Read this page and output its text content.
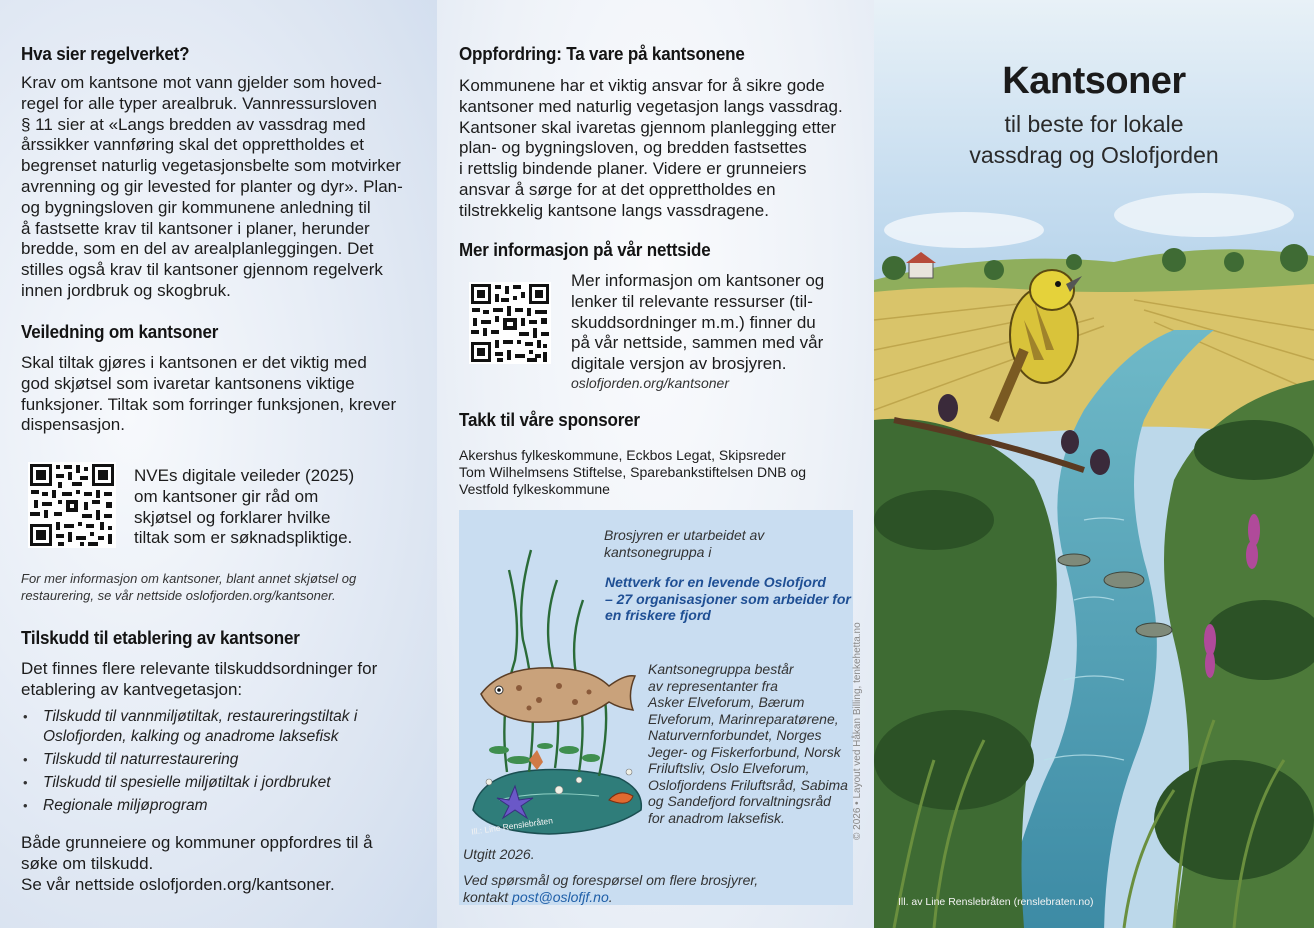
Hva sier regelverket?
Krav om kantsone mot vann gjelder som hoved-
regel for alle typer arealbruk. Vannressursloven
§ 11 sier at «Langs bredden av vassdrag med
årssikker vannføring skal det opprettholdes et
begrenset naturlig vegetasjonsbelte som motvirker
avrenning og gir levested for planter og dyr». Plan-
og bygningsloven gir kommunene anledning til
å fastsette krav til kantsoner i planer, herunder
bredde, som en del av arealplanleggingen. Det
stilles også krav til kantsoner gjennom regelverk
innen jordbruk og skogbruk.
Veiledning om kantsoner
Skal tiltak gjøres i kantsonen er det viktig med
god skjøtsel som ivaretar kantsonens viktige
funksjoner. Tiltak som forringer funksjonen, krever
dispensasjon.
NVEs digitale veileder (2025)
om kantsoner gir råd om
skjøtsel og forklarer hvilke
tiltak som er søknadspliktige.
For mer informasjon om kantsoner, blant annet skjøtsel og
restaurering, se vår nettside oslofjorden.org/kantsoner.
Tilskudd til etablering av kantsoner
Det finnes flere relevante tilskuddsordninger for
etablering av kantvegetasjon:
• Tilskudd til vannmiljøtiltak, restaureringstiltak i
Oslofjorden, kalking og anadrome laksefisk
• Tilskudd til naturrestaurering
• Tilskudd til spesielle miljøtiltak i jordbruket
• Regionale miljøprogram
Både grunneiere og kommuner oppfordres til å
søke om tilskudd.
Se vår nettside oslofjorden.org/kantsoner.
Oppfordring: Ta vare på kantsonene
Kommunene har et viktig ansvar for å sikre gode
kantsoner med naturlig vegetasjon langs vassdrag.
Kantsoner skal ivaretas gjennom planlegging etter
plan- og bygningsloven, og bredden fastsettes
i rettslig bindende planer. Videre er grunneiers
ansvar å sørge for at det opprettholdes en
tilstrekkelig kantsone langs vassdragene.
Mer informasjon på vår nettside
Mer informasjon om kantsoner og
lenker til relevante ressurser (til-
skuddsordninger m.m.) finner du
på vår nettside, sammen med vår
digitale versjon av brosjyren.
oslofjorden.org/kantsoner
Takk til våre sponsorer
Akershus fylkeskommune, Eckbos Legat, Skipsreder
Tom Wilhelmsens Stiftelse, Sparebankstiftelsen DNB og
Vestfold fylkeskommune
Ill.: Line Renslebråten
Brosjyren er utarbeidet av
kantsonegruppa i
Nettverk for en levende Oslofjord
– 27 organisasjoner som arbeider for
en friskere fjord
Kantsonegruppa består
av representanter fra
Asker Elveforum, Bærum
Elveforum, Marinreparatørene,
Naturvernforbundet, Norges
Jeger- og Fiskerforbund, Norsk
Friluftsliv, Oslo Elveforum,
Oslofjordens Friluftsråd, Sabima
og Sandefjord forvaltningsråd
for anadrom laksefisk.
Utgitt 2026.
Ved spørsmål og forespørsel om flere brosjyrer,
kontakt post@oslofjf.no.
© 2026 • Layout ved Håkan Billing, tenkehetta.no
Kantsoner
til beste for lokale
vassdrag og Oslofjorden
Ill. av Line Renslebråten (renslebraten.no)
